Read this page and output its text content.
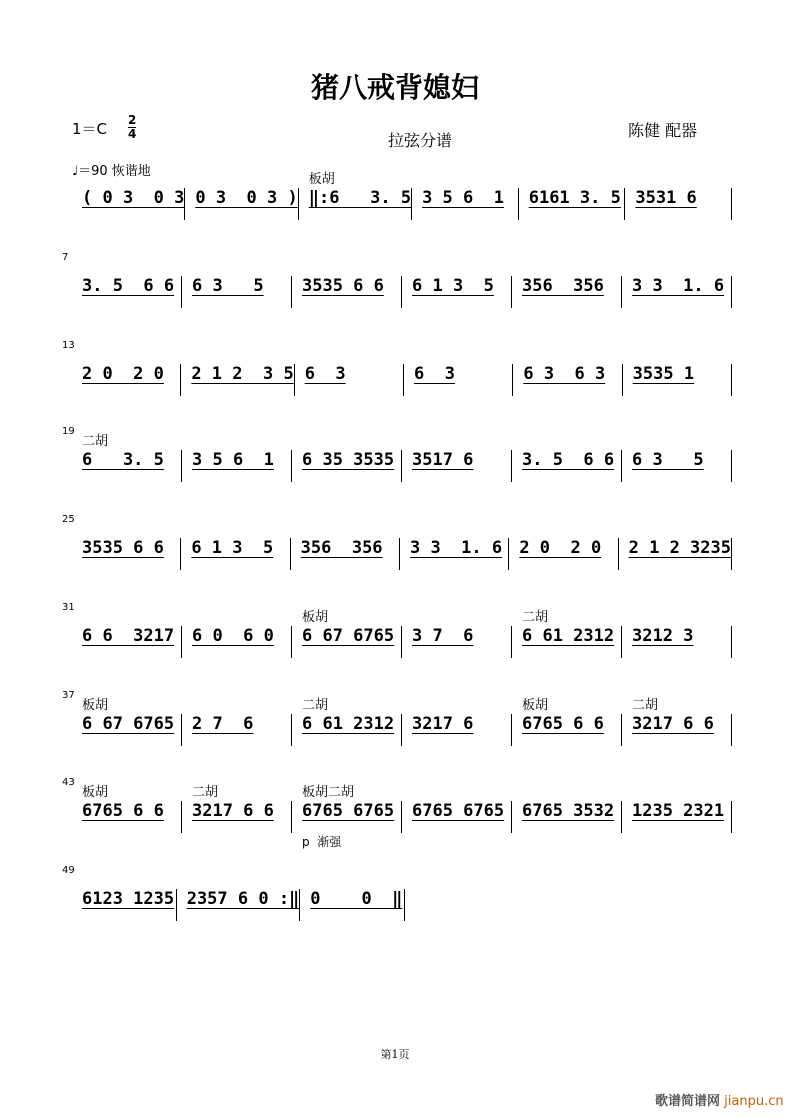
猪八戒背媳妇
1＝C 2
4	拉弦分谱
陈健 配器
♩＝90 恢谐地
( 0 3  0 3 0 3  0 3 ) ‖:6   3. 5
板胡
3 5 6  1	6161 3. 5 3531 6
7
3. 5  6 6	6 3   5	3535 6 6	6 1 3  5	356  356	3 3  1. 6
13
2 0  2 0	2 1 2  3 5 6  3	6  3	6 3  6 3	3535 1
19
6   3. 5
二胡
3 5 6  1	6 35 3535	3517 6	3. 5  6 6	6 3   5
25
3535 6 6	6 1 3  5	356  356	3 3  1. 6	2 0  2 0	2 1 2 3235
31
6 6  3217	6 0  6 0	6 67 6765
板胡
3 7  6	6 61 2312
二胡
3212 3
37
6 67 6765
板胡
2 7  6	6 61 2312
二胡
3217 6	6765 6 6
板胡
3217 6 6
二胡
43
6765 6 6
板胡
3217 6 6
二胡
6765 6765
板胡二胡
p  渐强
6765 6765	6765 3532	1235 2321
49
6123 1235 2357 6 0 :‖ 0    0  ‖
第1页
歌谱简谱网 jianpu.cn
